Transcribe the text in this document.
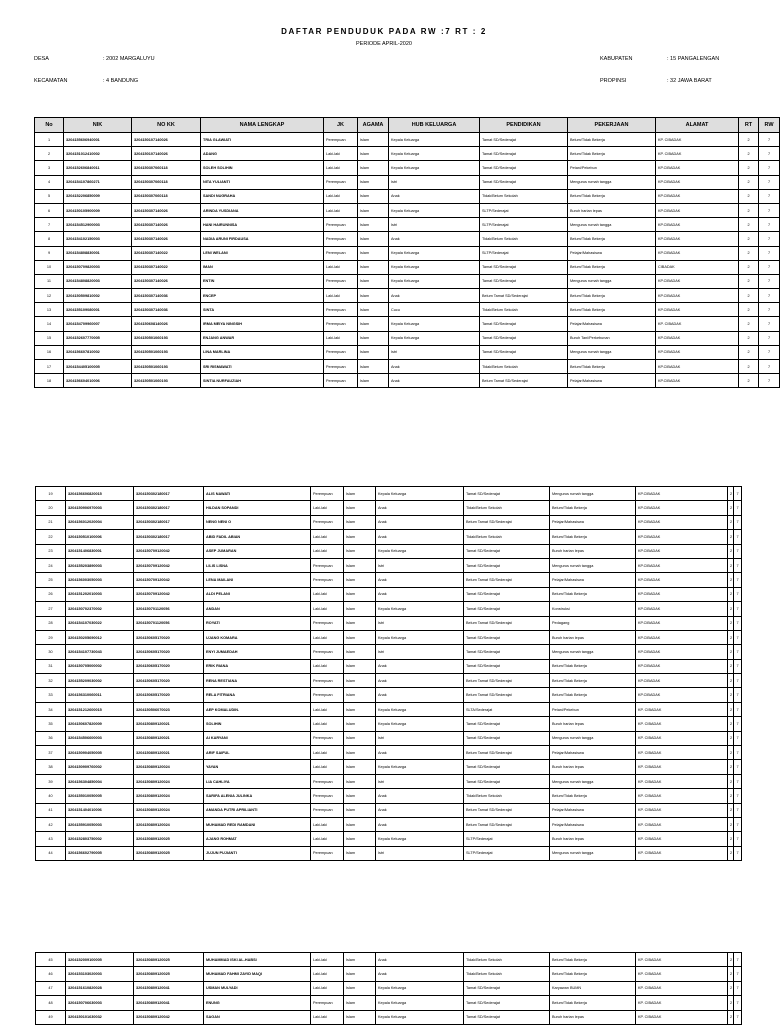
DAFTAR PENDUDUK PADA RW :7 RT : 2
PERIODE APRIL-2020
DESA	: 2002 MARGALUYU
KECAMATAN	: 4 BANDUNG
KABUPATEN	: 15 PANGALENGAN
PROPINSI	: 32 JAWA BARAT
No	NIK	NO KK	NAMA LENGKAP	JK	AGAMA	HUB KELUARGA	PENDIDIKAN	PEKERJAAN	ALAMAT	RT	RW
1	3204155606940001	3204150107140026	TRIA GLAWIATI	Perempuan	Islam	Kepala Keluarga	Tamat SD/Sederajat	Belum/Tidak Bekerja	KP. CIBADAK	2	7
2	3204151012410002	3204150107140026	ADANG	Laki-laki	Islam	Kepala Keluarga	Tamat SD/Sederajat	Belum/Tidak Bekerja	KP. CIBADAK	2	7
3	3204152606840011	3204150307060118	SOLEH SOLIHIN	Laki-laki	Islam	Kepala Keluarga	Tamat SD/Sederajat	Petani/Pekebun	KP.CIBADAK	2	7
4	3204154107860271	3204150307060118	NITA YULIANTI	Perempuan	Islam	Istri	Tamat SD/Sederajat	Mengurus rumah tangga	KP.CIBADAK	2	7
5	3204152206850009	3204150307060118	SANDI NUGRAHA	Laki-laki	Islam	Anak	Tidak/Belum Sekolah	Belum/Tidak Bekerja	KP.CIBADAK	2	7
6	3204150105900009	3204150307140026	ARINDA YUSDIANA	Laki-laki	Islam	Kepala Keluarga	SLTP/Sederajat	Buruh harian lepas	KP.CIBADAK	2	7
7	3204154512900003	3204150307140026	HANI HAIRUNNISA	Perempuan	Islam	Istri	SLTP/Sederajat	Mengurus rumah tangga	KP.CIBADAK	2	7
8	3204154102150003	3204150307140026	NADIA ARUNI FIRDAUSA	Perempuan	Islam	Anak	Tidak/Belum Sekolah	Belum/Tidak Bekerja	KP.CIBADAK	2	7
9	3204154808830001	3204150307140022	LENI WELANI	Perempuan	Islam	Kepala Keluarga	SLTP/Sederajat	Pelajar/Mahasiswa	KP.CIBADAK	2	7
10	3204150709820003	3204150307140022	IMAN	Laki-laki	Islam	Kepala Keluarga	Tamat SD/Sederajat	Belum/Tidak Bekerja	CIBADAK	2	7
11	3204154808820003	3204150307140026	ENTIN	Perempuan	Islam	Kepala Keluarga	Tamat SD/Sederajat	Mengurus rumah tangga	KP.CIBADAK	2	7
12	3204150509810002	3204150307140036	ENCEP	Laki-laki	Islam	Anak	Belum Tamat SD/Sederajat	Belum/Tidak Bekerja	KP.CIBADAK	2	7
13	3204155109080001	3204150307140036	SINTA	Perempuan	Islam	Cucu	Tidak/Belum Sekolah	Belum/Tidak Bekerja	KP.CIBADAK	2	7
14	3204154709960007	3204150608140026	IRMA MEIYA NINGSIH	Perempuan	Islam	Kepala Keluarga	Tamat SD/Sederajat	Pelajar/Mahasiswa	KP. CIBADAK	2	7
15	3204152607770005	3204150501060193	ENJANG ANWAR	Laki-laki	Islam	Kepala Keluarga	Tamat SD/Sederajat	Buruh Tani/Perkebunan	KP.CIBADAK	2	7
16	3204156607810002	3204150501060193	LINA MARLINA	Perempuan	Islam	Istri	Tamat SD/Sederajat	Mengurus rumah tangga	KP.CIBADAK	2	7
17	3204154405100005	3204150501060193	SRI RISMAWATI	Perempuan	Islam	Anak	Tidak/Belum Sekolah	Belum/Tidak Bekerja	KP.CIBADAK	2	7
18	3204156604010006	3204150501060193	SINTIA NURFAUZIAH	Perempuan	Islam	Anak	Belum Tamat SD/Sederajat	Pelajar/Mahasiswa	KP.CIBADAK	2	7
19	3204156606820015	3204150302180017	ALIS NAWATI	Perempuan	Islam	Kepala Keluarga	Tamat SD/Sederajat	Mengurus rumah tangga	KP.CIBADAK	2	7
20	3204150906970003	3204150302180017	HILDAN SOPANDI	Laki-laki	Islam	Anak	Tidak/Belum Sekolah	Belum/Tidak Bekerja	KP.CIBADAK	2	7
21	3204156012020004	3204150302180017	NENG NENI O	Perempuan	Islam	Anak	Belum Tamat SD/Sederajat	Pelajar/Mahasiswa	KP.CIBADAK	2	7
22	3204150510100006	3204150302180017	ABID FADIL ABIAN	Laki-laki	Islam	Anak	Tidak/Belum Sekolah	Belum/Tidak Bekerja	KP.CIBADAK	2	7
23	3204151406830001	3204150709120042	ASEP JUMARAN	Laki-laki	Islam	Kepala Keluarga	Tamat SD/Sederajat	Buruh harian lepas	KP.CIBADAK	2	7
24	3204155203890003	3204150709120042	LILIS LISNA	Perempuan	Islam	Istri	Tamat SD/Sederajat	Mengurus rumah tangga	KP.CIBADAK	2	7
25	3204156003050003	3204150709120042	LENA MAILANI	Perempuan	Islam	Anak	Belum Tamat SD/Sederajat	Pelajar/Mahasiswa	KP.CIBADAK	2	7
26	3204151202010003	3204150709120042	ALDI PELANI	Laki-laki	Islam	Anak	Tamat SD/Sederajat	Belum/Tidak Bekerja	KP.CIBADAK	2	7
27	3204150702370002	3204150701120056	ANDAN	Laki-laki	Islam	Kepala Keluarga	Tamat SD/Sederajat	Konstruksi	KP.CIBADAK	2	7
28	3204154107030022	3204150701120056	ROYATI	Perempuan	Islam	Istri	Belum Tamat SD/Sederajat	Pedagang	KP.CIBADAK	2	7
29	3204150205690012	3204150605170020	UJANG KOMARA	Laki-laki	Islam	Kepala Keluarga	Tamat SD/Sederajat	Buruh harian lepas	KP.CIBADAK	2	7
30	3204154107730043	3204150605170020	ENYI JUMAEDAH	Perempuan	Islam	Istri	Tamat SD/Sederajat	Mengurus rumah tangga	KP.CIBADAK	2	7
31	3204150705000002	3204150605170020	ERIK RIANA	Laki-laki	Islam	Anak	Tamat SD/Sederajat	Belum/Tidak Bekerja	KP.CIBADAK	2	7
32	3204155209030002	3204150605170020	RENA RESTIANA	Perempuan	Islam	Anak	Belum Tamat SD/Sederajat	Belum/Tidak Bekerja	KP.CIBADAK	2	7
33	3204156310060011	3204150605170020	RELA FITRIANA	Perempuan	Islam	Anak	Belum Tamat SD/Sederajat	Belum/Tidak Bekerja	KP.CIBADAK	2	7
34	3204151212600015	3204150506070023	AEP KOMALUDIN.	Laki-laki	Islam	Kepala Keluarga	SLTA/Sederajat	Petani/Pekebun	KP. CIBADAK	2	7
35	3204150607820009	3204150809120021	SOLIHIN	Laki-laki	Islam	Kepala Keluarga	Tamat SD/Sederajat	Buruh harian lepas	KP. CIBADAK	2	7
36	3204154506600003	3204150809120021	AI KARYANI	Perempuan	Islam	Istri	Tamat SD/Sederajat	Mengurus rumah tangga	KP. CIBADAK	2	7
37	3204150904050005	3204150809120021	ARIF SAIFUL	Laki-laki	Islam	Anak	Belum Tamat SD/Sederajat	Pelajar/Mahasiswa	KP. CIBADAK	2	7
38	3204150909760002	3204150809120024	YAYAN	Laki-laki	Islam	Kepala Keluarga	Tamat SD/Sederajat	Buruh harian lepas	KP. CIBADAK	2	7
39	3204156304850004	3204150809120024	LIA CAHLIYA	Perempuan	Islam	Istri	Tamat SD/Sederajat	Mengurus rumah tangga	KP. CIBADAK	2	7
40	3204155010050005	3204150809120024	SARIFA ALENIA JULINKA	Perempuan	Islam	Anak	Tidak/Belum Sekolah	Belum/Tidak Bekerja	KP. CIBADAK	2	7
41	3204151404010006	3204150809120024	AMANDA PUTRI APRILIANTI	Perempuan	Islam	Anak	Belum Tamat SD/Sederajat	Pelajar/Mahasiswa	KP. CIBADAK	2	7
42	3204155910050003	3204150809120024	MUHAMAD REDI RAMDANI	Laki-laki	Islam	Anak	Belum Tamat SD/Sederajat	Pelajar/Mahasiswa	KP. CIBADAK	2	7
43	3204152803750002	3204150809120025	AJANG ROHMAT	Laki-laki	Islam	Kepala Keluarga	SLTP/Sederajat	Buruh harian lepas	KP. CIBADAK	2	7
44	3204156602790005	3204150809120025	JUJUN PUJIANTI	Perempuan	Islam	Istri	SLTP/Sederajat	Mengurus rumah tangga	KP. CIBADAK	2	7
45	3204152009100005	3204150809120025	MUHAMMAD ISKI AL-HABSI	Laki-laki	Islam	Anak	Tidak/Belum Sekolah	Belum/Tidak Bekerja	KP. CIBADAK	2	7
46	3204153103020003	3204150809120025	MUHAMAD FAHMI ZAYID MAQI	Laki-laki	Islam	Anak	Tidak/Belum Sekolah	Belum/Tidak Bekerja	KP. CIBADAK	2	7
47	3204151610820028	3204150809120041	USMAN MULYADI	Laki-laki	Islam	Kepala Keluarga	Tamat SD/Sederajat	Karyawan BUMN	KP. CIBADAK	2	7
48	3204150706630003	3204150809120041	ENUNG	Perempuan	Islam	Kepala Keluarga	Tamat SD/Sederajat	Belum/Tidak Bekerja	KP. CIBADAK	2	7
49	3204150101630032	3204150809120042	SAGAN	Laki-laki	Islam	Kepala Keluarga	Tamat SD/Sederajat	Buruh harian lepas	KP. CIBADAK	2	7
